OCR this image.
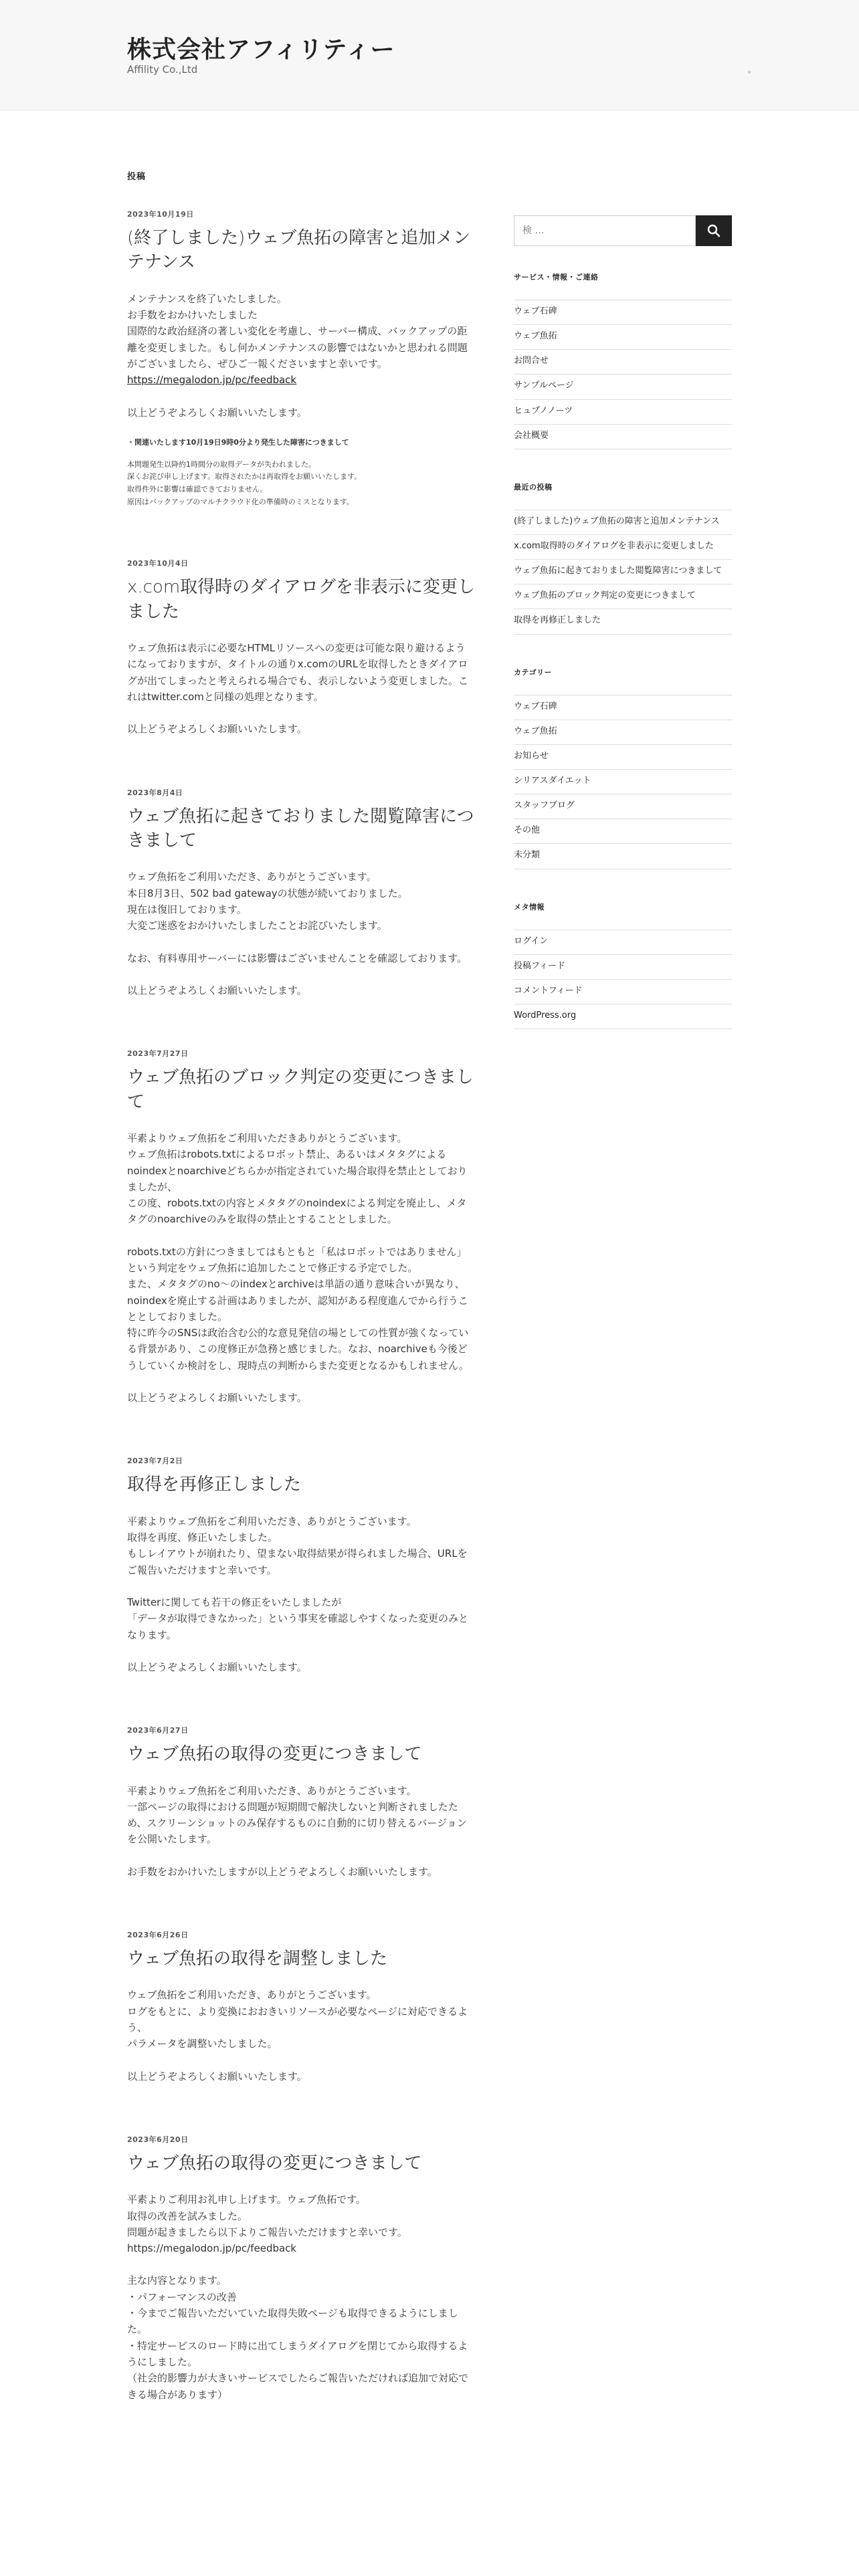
株式会社アフィリティー
Affility Co.,Ltd
投稿
2023年10月19日
(終了しました)ウェブ魚拓の障害と追加メンテナンス

メンテナンスを終了いたしました。
お手数をおかけいたしました
国際的な政治経済の著しい変化を考慮し、サーバー構成、バックアップの距離を変更しました。もし何かメンテナンスの影響ではないかと思われる問題がございましたら、ぜひご一報くださいますと幸いです。

https://megalodon.jp/pc/feedback

以上どうぞよろしくお願いいたします。

・関連いたします10月19日9時0分より発生した障害につきまして
本問題発生以降約1時間分の取得データが失われました。
深くお詫び申し上げます。取得されたかは再取得をお願いいたします。
取得件外に影響は確認できておりません。
原因はバックアップのマルチクラウド化の準備時のミスとなります。
2023年10月4日
x.com取得時のダイアログを非表示に変更しました

ウェブ魚拓は表示に必要なHTMLリソースへの変更は可能な限り避けるようになっておりますが、タイトルの通りx.comのURLを取得したときダイアログが出てしまったと考えられる場合でも、表示しないよう変更しました。これはtwitter.comと同様の処理となります。

以上どうぞよろしくお願いいたします。

2023年8月4日
ウェブ魚拓に起きておりました閲覧障害につきまして

ウェブ魚拓をご利用いただき、ありがとうございます。
本日8月3日、502 bad gatewayの状態が続いておりました。
現在は復旧しております。
大変ご迷惑をおかけいたしましたことお詫びいたします。

なお、有料専用サーバーには影響はございませんことを確認しております。

以上どうぞよろしくお願いいたします。

2023年7月27日
ウェブ魚拓のブロック判定の変更につきまして

平素よりウェブ魚拓をご利用いただきありがとうございます。
ウェブ魚拓はrobots.txtによるロボット禁止、あるいはメタタグによるnoindexとnoarchiveどちらかが指定されていた場合取得を禁止としておりましたが、
この度、robots.txtの内容とメタタグのnoindexによる判定を廃止し、メタタグのnoarchiveのみを取得の禁止とすることとしました。

robots.txtの方針につきましてはもともと「私はロボットではありません」という判定をウェブ魚拓に追加したことで修正する予定でした。
また、メタタグのno〜のindexとarchiveは単語の通り意味合いが異なり、
noindexを廃止する計画はありましたが、認知がある程度進んでから行うこととしておりました。
特に昨今のSNSは政治含む公的な意見発信の場としての性質が強くなっている背景があり、この度修正が急務と感じました。なお、noarchiveも今後どうしていくか検討をし、現時点の判断からまた変更となるかもしれません。

以上どうぞよろしくお願いいたします。

2023年7月2日
取得を再修正しました

平素よりウェブ魚拓をご利用いただき、ありがとうございます。
取得を再度、修正いたしました。
もしレイアウトが崩れたり、望まない取得結果が得られました場合、URLをご報告いただけますと幸いです。

Twitterに関しても若干の修正をいたしましたが
「データが取得できなかった」という事実を確認しやすくなった変更のみとなります。

以上どうぞよろしくお願いいたします。

2023年6月27日
ウェブ魚拓の取得の変更につきまして

平素よりウェブ魚拓をご利用いただき、ありがとうございます。
一部ページの取得における問題が短期間で解決しないと判断されましたため、スクリーンショットのみ保存するものに自動的に切り替えるバージョンを公開いたします。

お手数をおかけいたしますが以上どうぞよろしくお願いいたします。

2023年6月26日
ウェブ魚拓の取得を調整しました

ウェブ魚拓をご利用いただき、ありがとうございます。
ログをもとに、より変換におおきいリソースが必要なページに対応できるよう、
パラメータを調整いたしました。

以上どうぞよろしくお願いいたします。

2023年6月20日
ウェブ魚拓の取得の変更につきまして

平素よりご利用お礼申し上げます。ウェブ魚拓です。
取得の改善を試みました。
問題が起きましたら以下よりご報告いただけますと幸いです。
https://megalodon.jp/pc/feedback

主な内容となります。
・パフォーマンスの改善
・今までご報告いただいていた取得失敗ページも取得できるようにしました。
・特定サービスのロード時に出てしまうダイアログを閉じてから取得するようにしました。
（社会的影響力が大きいサービスでしたらご報告いただければ追加で対応できる場合があります）

検 …
サービス・情報・ご連絡
ウェブ石碑
ウェブ魚拓
お問合せ
サンプルページ
ヒュプノノーツ
会社概要
最近の投稿
(終了しました)ウェブ魚拓の障害と追加メンテナンス
x.com取得時のダイアログを非表示に変更しました
ウェブ魚拓に起きておりました閲覧障害につきまして
ウェブ魚拓のブロック判定の変更につきまして
取得を再修正しました
カテゴリー
ウェブ石碑
ウェブ魚拓
お知らせ
シリアスダイエット
スタッフブログ
その他
未分類
メタ情報
ログイン
投稿フィード
コメントフィード
WordPress.org
